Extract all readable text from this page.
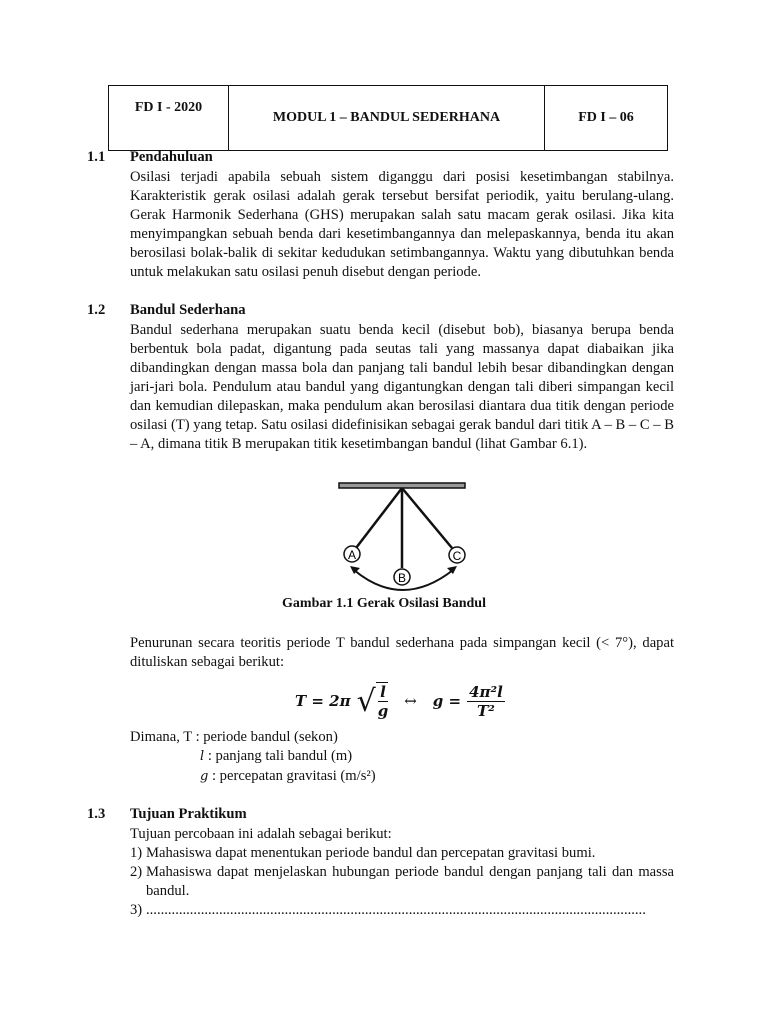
FD I - 2020	MODUL 1 – BANDUL SEDERHANA	FD I – 06
1.1 Pendahuluan
Osilasi terjadi apabila sebuah sistem diganggu dari posisi kesetimbangan stabilnya. Karakteristik gerak osilasi adalah gerak tersebut bersifat periodik, yaitu berulang-ulang. Gerak Harmonik Sederhana (GHS) merupakan salah satu macam gerak osilasi. Jika kita menyimpangkan sebuah benda dari kesetimbangannya dan melepaskannya, benda itu akan berosilasi bolak-balik di sekitar kedudukan setimbangannya. Waktu yang dibutuhkan benda untuk melakukan satu osilasi penuh disebut dengan periode.
1.2 Bandul Sederhana
Bandul sederhana merupakan suatu benda kecil (disebut bob), biasanya berupa benda berbentuk bola padat, digantung pada seutas tali yang massanya dapat diabaikan jika dibandingkan dengan massa bola dan panjang tali bandul lebih besar dibandingkan dengan jari-jari bola. Pendulum atau bandul yang digantungkan dengan tali diberi simpangan kecil dan kemudian dilepaskan, maka pendulum akan berosilasi diantara dua titik dengan periode osilasi (T) yang tetap. Satu osilasi didefinisikan sebagai gerak bandul dari titik A – B – C – B – A, dimana titik B merupakan titik kesetimbangan bandul (lihat Gambar 6.1).
A
B
C
Gambar 1.1 Gerak Osilasi Bandul
Penurunan secara teoritis periode T bandul sederhana pada simpangan kecil (< 7°), dapat dituliskan sebagai berikut:
T = 2π √ $\frac{l}{g}$ ↔ $g = \frac{\text{4π²l}}{\text{T²}}$
Dimana, T : periode bandul (sekon)
l : panjang tali bandul (m)
g : percepatan gravitasi (m/s²)
1.3 Tujuan Praktikum
Tujuan percobaan ini adalah sebagai berikut:
1) Mahasiswa dapat menentukan periode bandul dan percepatan gravitasi bumi.
2) Mahasiswa dapat menjelaskan hubungan periode bandul dengan panjang tali dan massa bandul.
3) .........................................................................................................................................
